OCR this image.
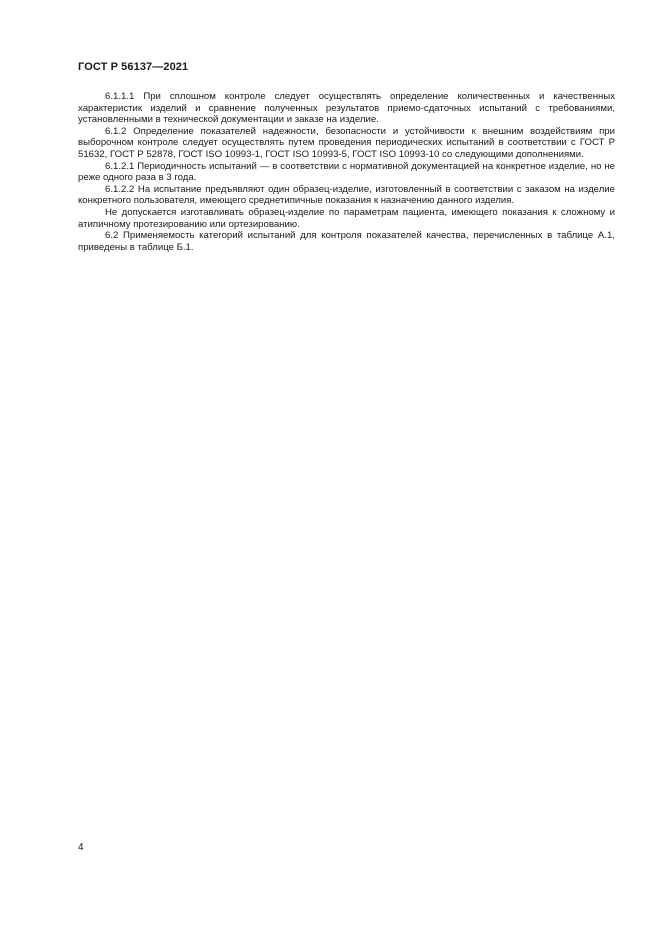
ГОСТ Р 56137—2021

6.1.1.1 При сплошном контроле следует осуществлять определение количественных и качественных характеристик изделий и сравнение полученных результатов приемо-сдаточных испытаний с требованиями, установленными в технической документации и заказе на изделие.

6.1.2 Определение показателей надежности, безопасности и устойчивости к внешним воздействиям при выборочном контроле следует осуществлять путем проведения периодических испытаний в соответствии с ГОСТ Р 51632, ГОСТ Р 52878, ГОСТ ISO 10993-1, ГОСТ ISO 10993-5, ГОСТ ISO 10993-10 со следующими дополнениями.

6.1.2.1 Периодичность испытаний — в соответствии с нормативной документацией на конкретное изделие, но не реже одного раза в 3 года.

6.1.2.2 На испытание предъявляют один образец-изделие, изготовленный в соответствии с заказом на изделие конкретного пользователя, имеющего среднетипичные показания к назначению данного изделия.

Не допускается изготавливать образец-изделие по параметрам пациента, имеющего показания к сложному и атипичному протезированию или ортезированию.

6.2 Применяемость категорий испытаний для контроля показателей качества, перечисленных в таблице А.1, приведены в таблице Б.1.

4
